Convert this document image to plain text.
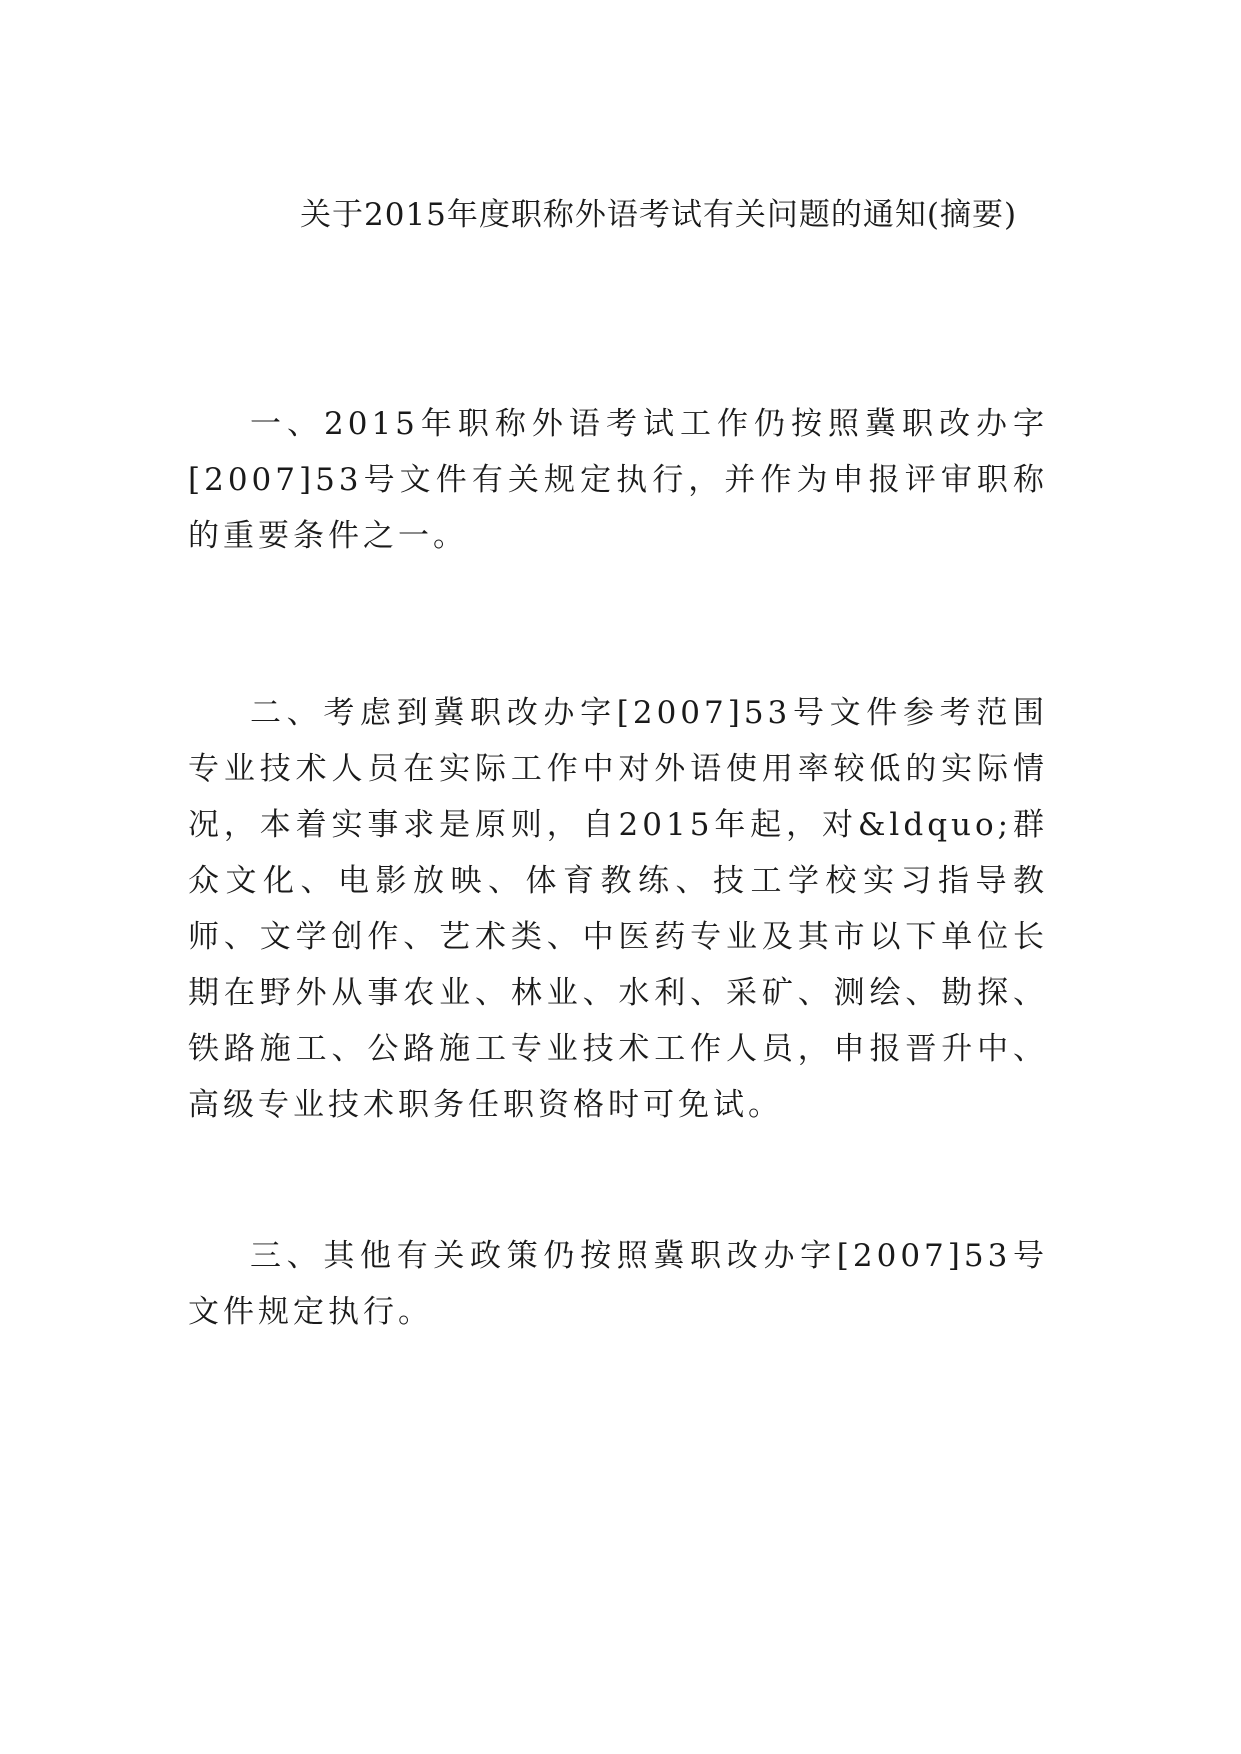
关于2015年度职称外语考试有关问题的通知(摘要)

一、2015年职称外语考试工作仍按照冀职改办字[2007]53号文件有关规定执行，并作为申报评审职称的重要条件之一。

二、考虑到冀职改办字[2007]53号文件参考范围专业技术人员在实际工作中对外语使用率较低的实际情况，本着实事求是原则，自2015年起，对&ldquo;群众文化、电影放映、体育教练、技工学校实习指导教师、文学创作、艺术类、中医药专业及其市以下单位长期在野外从事农业、林业、水利、采矿、测绘、勘探、铁路施工、公路施工专业技术工作人员，申报晋升中、高级专业技术职务任职资格时可免试。

三、其他有关政策仍按照冀职改办字[2007]53号文件规定执行。
